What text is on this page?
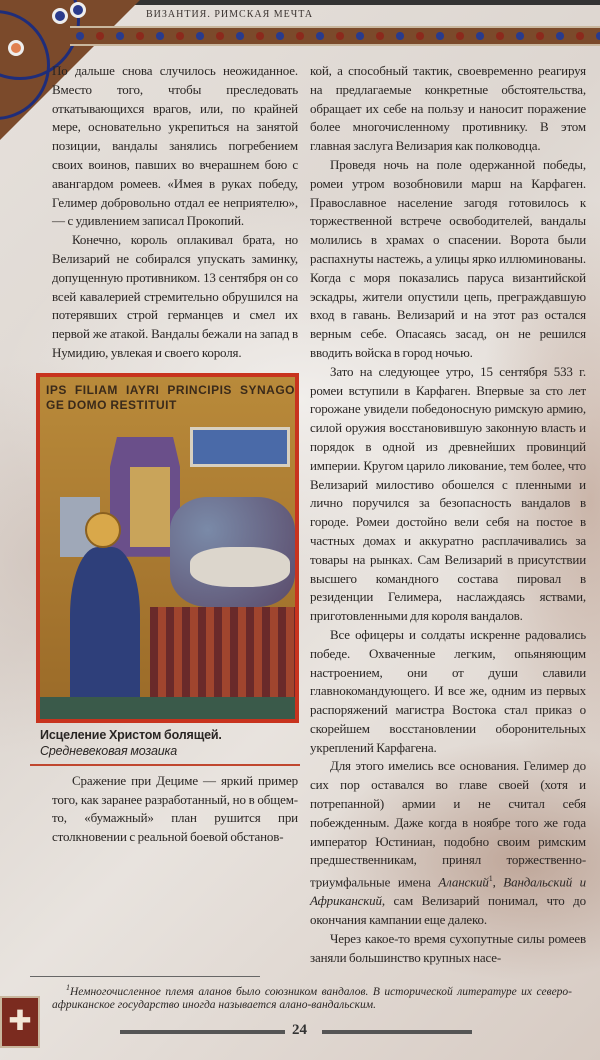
ВИЗАНТИЯ. РИМСКАЯ МЕЧТА

По дальше снова случилось неожиданное. Вместо того, чтобы преследовать откатывающихся врагов, или, по крайней мере, основательно укрепиться на занятой позиции, вандалы занялись погребением своих воинов, павших во вчерашнем бою с авангардом ромеев. «Имея в руках победу, Гелимер добровольно отдал ее неприятелю», — с удивлением записал Прокопий.

Конечно, король оплакивал брата, но Велизарий не собирался упускать заминку, допущенную противником. 13 сентября он со всей кавалерией стремительно обрушился на потерявших строй германцев и смел их первой же атакой. Вандалы бежали на запад в Нумидию, увлекая и своего короля.

IPS FILIAM IAYRI PRINCIPIS SYNAGO GE DOMO RESTITUIT
Исцеление Христом болящей.
Средневековая мозаика

Сражение при Дециме — яркий пример того, как заранее разработанный, но в общем-то, «бумажный» план рушится при столкновении с реальной боевой обстанов-

кой, а способный тактик, своевременно реагируя на предлагаемые конкретные обстоятельства, обращает их себе на пользу и наносит поражение более многочисленному противнику. В этом главная заслуга Велизария как полководца.

Проведя ночь на поле одержанной победы, ромеи утром возобновили марш на Карфаген. Православное население загодя готовилось к торжественной встрече освободителей, вандалы молились в храмах о спасении. Ворота были распахнуты настежь, а улицы ярко иллюминованы. Когда с моря показались паруса византийской эскадры, жители опустили цепь, преграждавшую вход в гавань. Велизарий и на этот раз остался верным себе. Опасаясь засад, он не решился вводить войска в город ночью.

Зато на следующее утро, 15 сентября 533 г. ромеи вступили в Карфаген. Впервые за сто лет горожане увидели победоносную римскую армию, силой оружия восстановившую законную власть и порядок в одной из древнейших провинций империи. Кругом царило ликование, тем более, что Велизарий милостиво обошелся с пленными и лично поручился за безопасность вандалов в городе. Ромеи достойно вели себя на постое в частных домах и аккуратно расплачивались за товары на рынках. Сам Велизарий в присутствии высшего командного состава пировал в резиденции Гелимера, наслаждаясь яствами, приготовленными для короля вандалов.

Все офицеры и солдаты искренне радовались победе. Охваченные легким, опьяняющим настроением, они от души славили главнокомандующего. И все же, одним из первых распоряжений магистра Востока стал приказ о скорейшем восстановлении оборонительных укреплений Карфагена.

Для этого имелись все основания. Гелимер до сих пор оставался во главе своей (хотя и потрепанной) армии и не считал себя побежденным. Даже когда в ноябре того же года император Юстиниан, подобно своим римским предшественникам, принял торжественно-триумфальные имена Аланский$^1$, Вандальский и Африканский, сам Велизарий понимал, что до окончания кампании еще далеко.

Через какое-то время сухопутные силы ромеев заняли большинство крупных насе-

$^1$Немногочисленное племя аланов было союзником вандалов. В исторической литературе их северо-африканское государство иногда называется алано-вандальским.

24
✚
